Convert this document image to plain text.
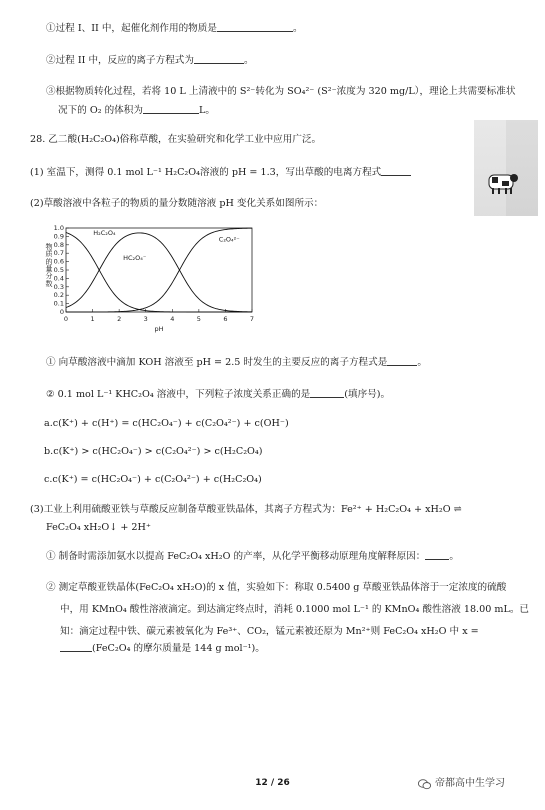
①过程 I、II 中，起催化剂作用的物质是	。
②过程 II 中，反应的离子方程式为	。
③根据物质转化过程，若将 10 L 上清液中的 S²⁻转化为 SO₄²⁻ (S²⁻浓度为 320 mg/L），理论上共需要标准状
况下的 O₂ 的体积为	L。
28. 乙二酸(H₂C₂O₄)俗称草酸，在实验研究和化学工业中应用广泛。
(1) 室温下，测得 0.1 mol L⁻¹ H₂C₂O₄溶液的 pH = 1.3，写出草酸的电离方程式
(2)草酸溶液中各粒子的物质的量分数随溶液 pH 变化关系如图所示：
物质的量分数
0
0.1
0.2
0.3
0.4
0.5
0.6
0.7
0.8
0.9
1.0
0	1	2	3	4	5	6	7
pH
H₂C₂O₄
HC₂O₄⁻
C₂O₄²⁻
① 向草酸溶液中滴加 KOH 溶液至 pH = 2.5 时发生的主要反应的离子方程式是	。
② 0.1 mol L⁻¹ KHC₂O₄ 溶液中，下列粒子浓度关系正确的是	(填序号)。
a.c(K⁺) + c(H⁺) = c(HC₂O₄⁻) + c(C₂O₄²⁻) + c(OH⁻)
b.c(K⁺) > c(HC₂O₄⁻) > c(C₂O₄²⁻) > c(H₂C₂O₄)
c.c(K⁺) = c(HC₂O₄⁻) + c(C₂O₄²⁻) + c(H₂C₂O₄)
(3)工业上利用硫酸亚铁与草酸反应制备草酸亚铁晶体，其离子方程式为：Fe²⁺ + H₂C₂O₄ + xH₂O ⇌
FeC₂O₄ xH₂O↓ + 2H⁺
① 制备时需添加氨水以提高 FeC₂O₄ xH₂O 的产率，从化学平衡移动原理角度解释原因：	。
② 测定草酸亚铁晶体(FeC₂O₄ xH₂O)的 x 值，实验如下：称取 0.5400 g 草酸亚铁晶体溶于一定浓度的硫酸
中，用 KMnO₄ 酸性溶液滴定。到达滴定终点时，消耗 0.1000 mol L⁻¹ 的 KMnO₄ 酸性溶液 18.00 mL。已
知：滴定过程中铁、碳元素被氧化为 Fe³⁺、CO₂，锰元素被还原为 Mn²⁺则 FeC₂O₄ xH₂O 中 x =
(FeC₂O₄ 的摩尔质量是 144 g mol⁻¹)。
12 / 26	帝都高中生学习
